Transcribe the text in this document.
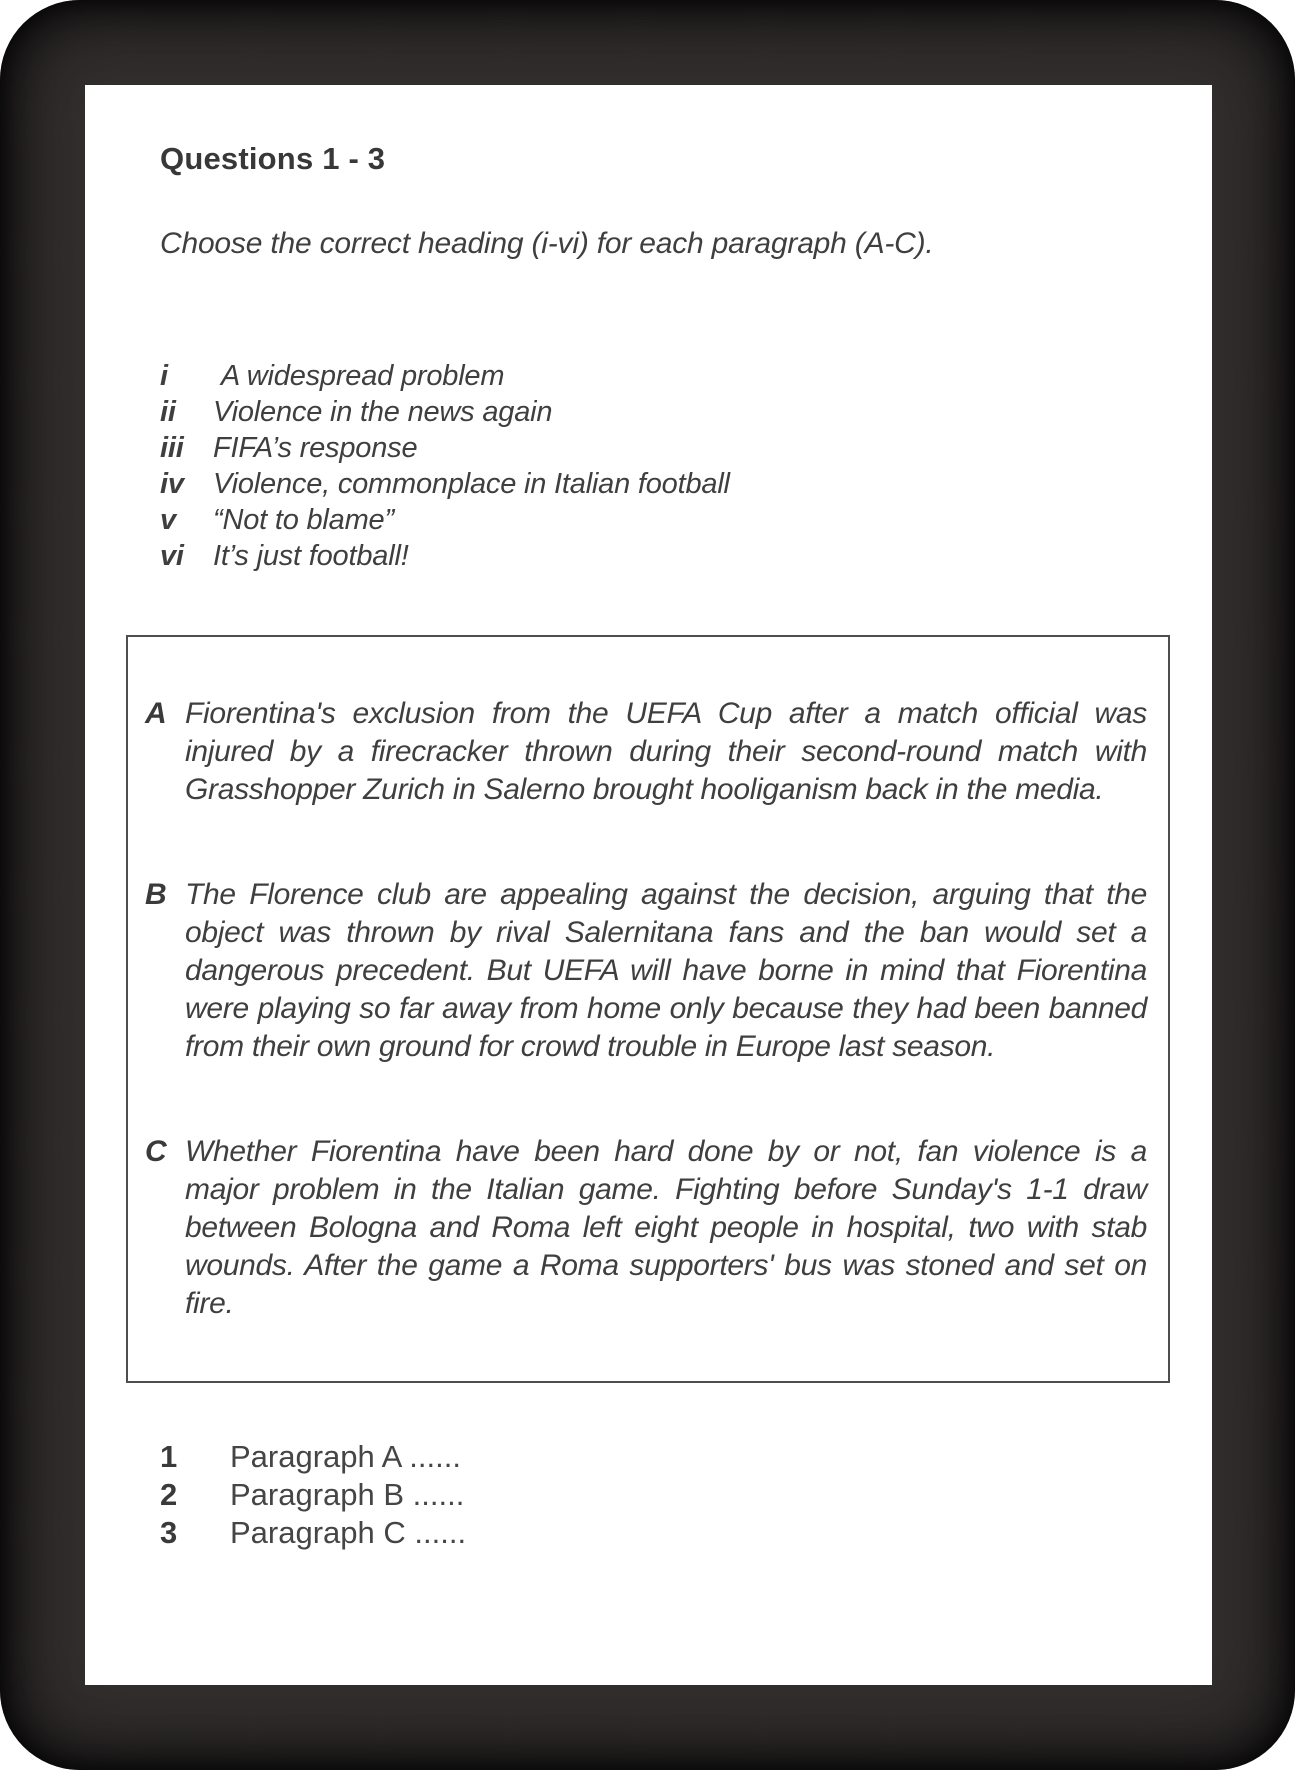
Questions 1 - 3
Choose the correct heading (i-vi) for each paragraph (A-C).
i	A widespread problem
ii	Violence in the news again
iii	FIFA’s response
iv	Violence, commonplace in Italian football
v	“Not to blame”
vi	It’s just football!
A Fiorentina's exclusion from the UEFA Cup after a match official was injured by a firecracker thrown during their second-round match with Grasshopper Zurich in Salerno brought hooliganism back in the media.

B The Florence club are appealing against the decision, arguing that the object was thrown by rival Salernitana fans and the ban would set a dangerous precedent. But UEFA will have borne in mind that Fiorentina were playing so far away from home only because they had been banned from their own ground for crowd trouble in Europe last season.

C Whether Fiorentina have been hard done by or not, fan violence is a major problem in the Italian game. Fighting before Sunday's 1-1 draw between Bologna and Roma left eight people in hospital, two with stab wounds. After the game a Roma supporters' bus was stoned and set on fire.

1	Paragraph A ......
2	Paragraph B ......
3	Paragraph C ......
